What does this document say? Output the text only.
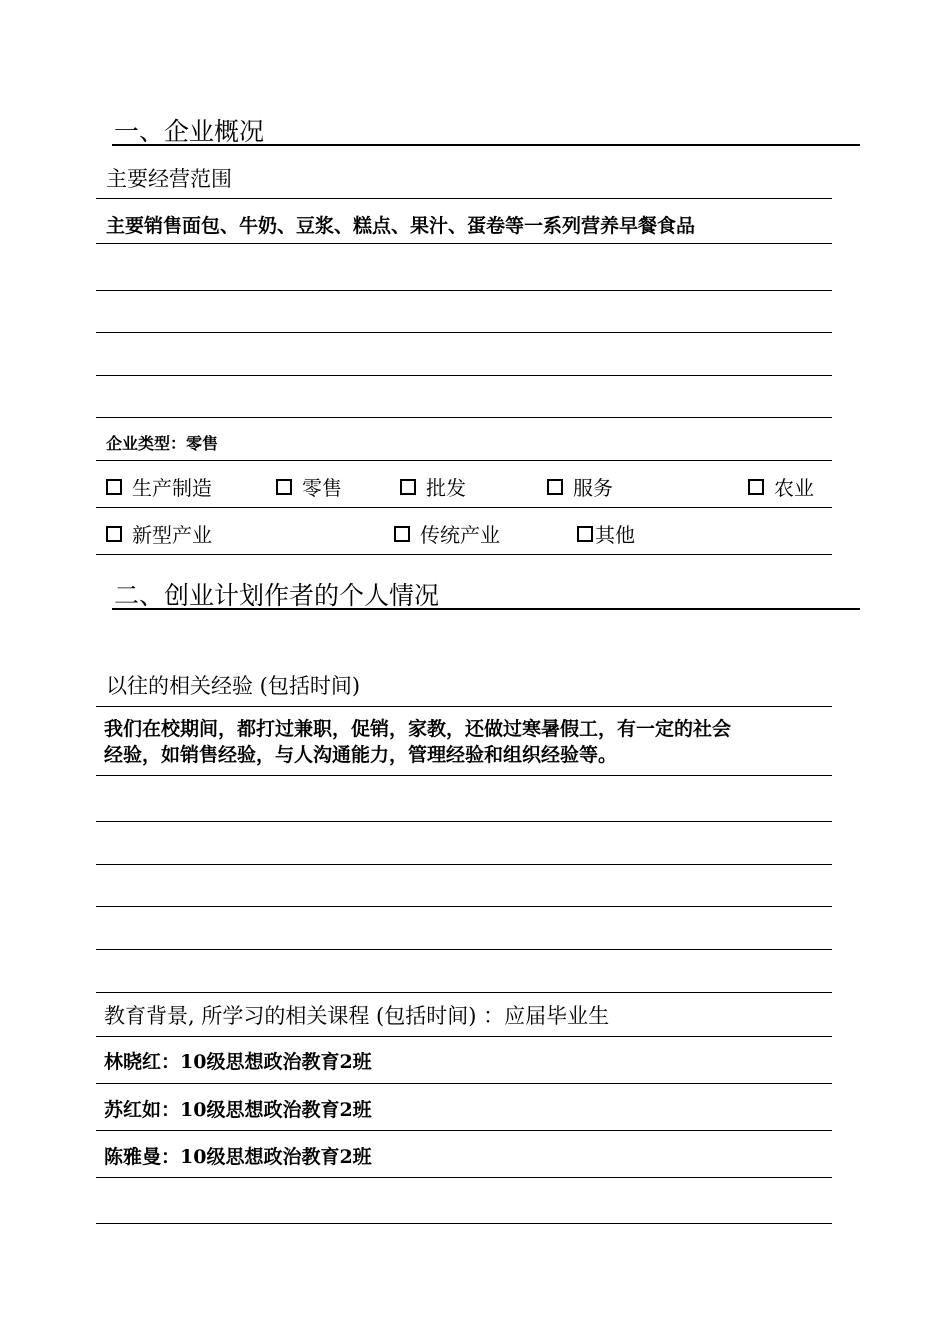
一、企业概况
主要经营范围
主要销售面包、牛奶、豆浆、糕点、果汁、蛋卷等一系列营养早餐食品
企业类型：零售
生产制造	零售	批发	服务	农业
新型产业	传统产业	其他
二、创业计划作者的个人情况
以往的相关经验 (包括时间)
我们在校期间，都打过兼职，促销，家教，还做过寒暑假工，有一定的社会
经验，如销售经验，与人沟通能力，管理经验和组织经验等。
教育背景, 所学习的相关课程 (包括时间) ：应届毕业生
林晓红：10级思想政治教育2班
苏红如：10级思想政治教育2班
陈雅曼：10级思想政治教育2班
